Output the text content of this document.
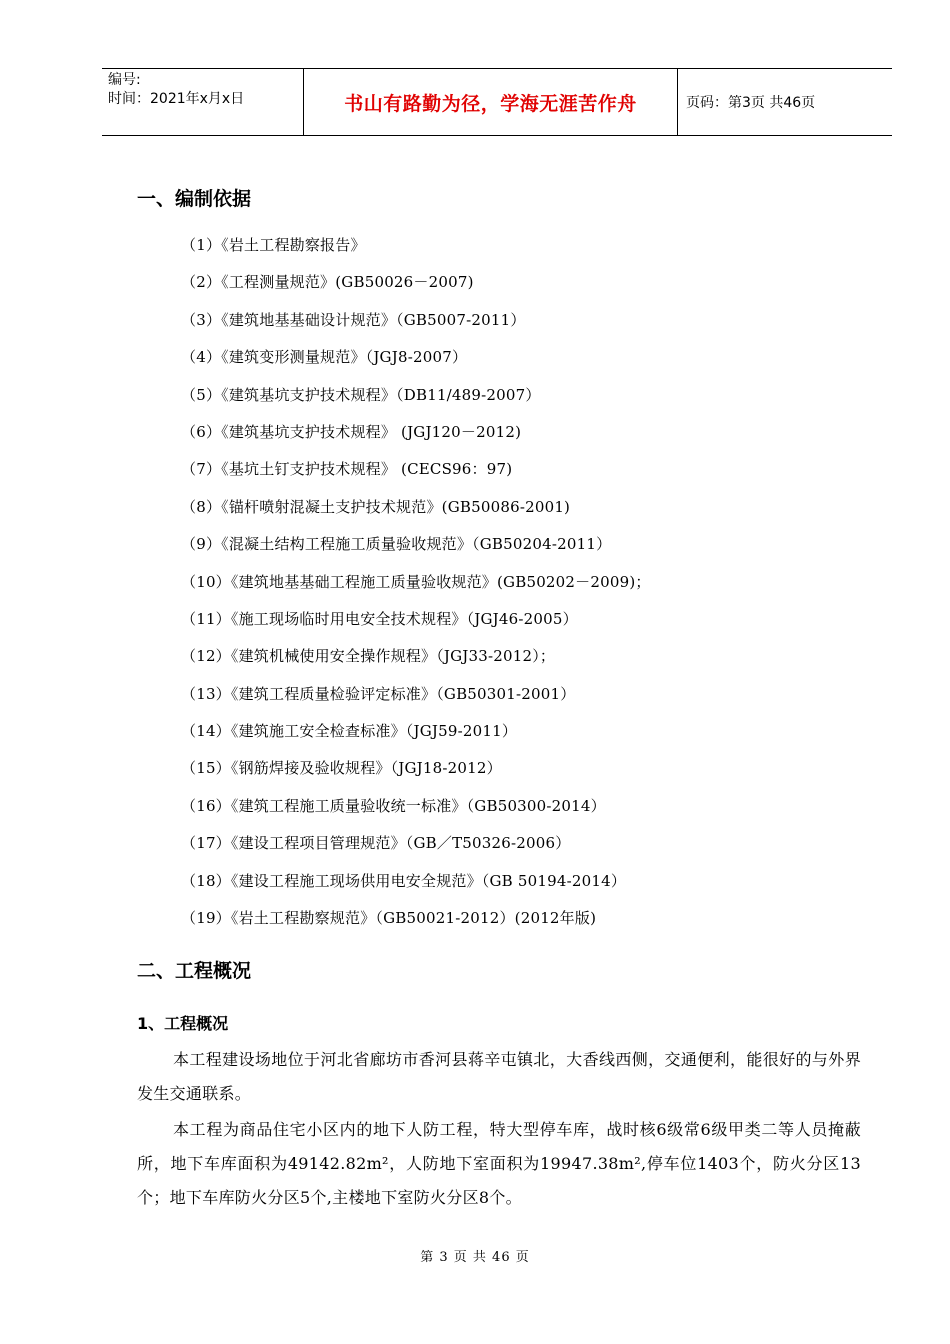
编号:
时间：2021年x月x日	书山有路勤为径，学海无涯苦作舟	页码：第3页 共46页
一、编制依据
（1）《岩土工程勘察报告》
（2）《工程测量规范》(GB50026－2007)
（3）《建筑地基基础设计规范》（GB5007-2011）
（4）《建筑变形测量规范》（JGJ8-2007）
（5）《建筑基坑支护技术规程》（DB11/489-2007）
（6）《建筑基坑支护技术规程》 (JGJ120－2012)
（7）《基坑土钉支护技术规程》 (CECS96：97)
（8）《锚杆喷射混凝土支护技术规范》(GB50086-2001)
（9）《混凝土结构工程施工质量验收规范》（GB50204-2011）
（10）《建筑地基基础工程施工质量验收规范》(GB50202－2009)；
（11）《施工现场临时用电安全技术规程》（JGJ46-2005）
（12）《建筑机械使用安全操作规程》（JGJ33-2012）；
（13）《建筑工程质量检验评定标准》（GB50301-2001）
（14）《建筑施工安全检查标准》（JGJ59-2011）
（15）《钢筋焊接及验收规程》（JGJ18-2012）
（16）《建筑工程施工质量验收统一标准》（GB50300-2014）
（17）《建设工程项目管理规范》（GB／T50326-2006）
（18）《建设工程施工现场供用电安全规范》（GB 50194-2014）
（19）《岩土工程勘察规范》（GB50021-2012）(2012年版)
二、工程概况
1、工程概况

本工程建设场地位于河北省廊坊市香河县蒋辛屯镇北，大香线西侧，交通便利，能很好的与外界发生交通联系。

本工程为商品住宅小区内的地下人防工程，特大型停车库，战时核6级常6级甲类二等人员掩蔽所，地下车库面积为49142.82m²，人防地下室面积为19947.38m²,停车位1403个，防火分区13个；地下车库防火分区5个,主楼地下室防火分区8个。

第 3 页 共 46 页
